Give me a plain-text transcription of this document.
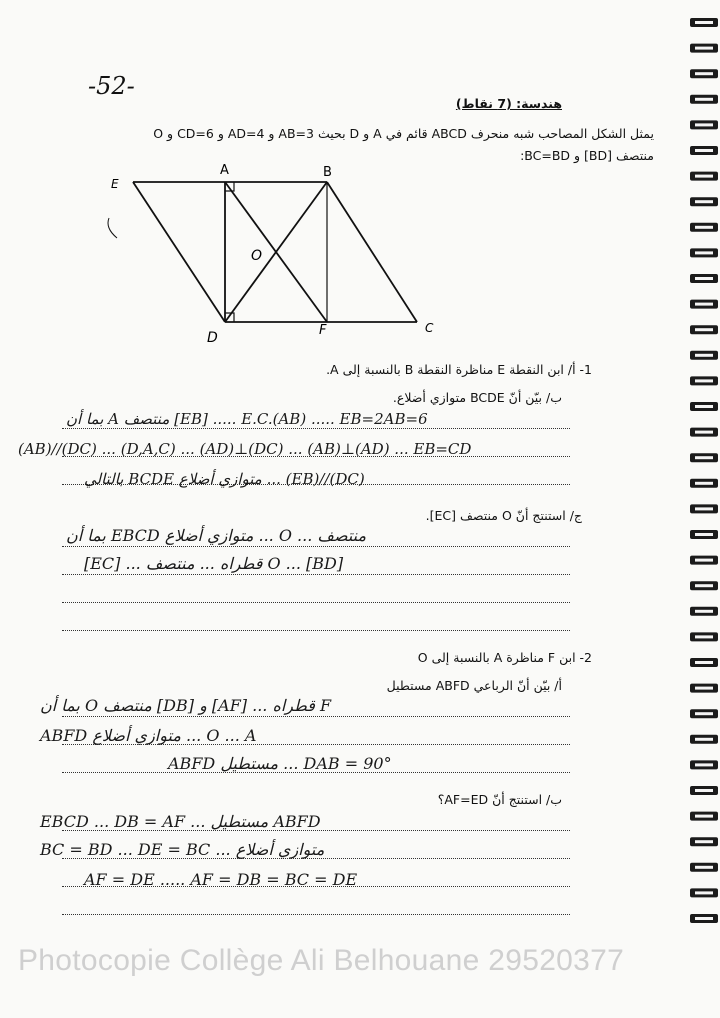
-52-
هندسة: (7 نقاط)
يمثل الشكل المصاحب شبه منحرف ABCD قائم في A و D بحيث AB=3 و AD=4 و CD=6 و O
منتصف [BD] و BC=BD:
A	B
E
D	F	C
O
1- أ/ ابن النقطة E مناظرة النقطة B بالنسبة إلى A.
ب/ بيّن أنّ BCDE متوازي أضلاع.
بما أن A منتصف [EB] ..... E.C.(AB) ..... EB=2AB=6
(AB)//(DC) ... (D,A,C) ... (AD)⊥(DC) ... (AB)⊥(AD) ... EB=CD
بالتالي BCDE متوازي أضلاع ... (EB)//(DC)
ج/ استنتج أنّ O منتصف [EC].
بما أن EBCD متوازي أضلاع ... O ... منتصف
[EC] ... قطراه ... منتصف O ... [BD]
2- ابن F مناظرة A بالنسبة إلى O
أ/ بيّن أنّ الرباعي ABFD مستطيل
بما أن O منتصف [DB] و [AF] ... قطراه F
ABFD متوازي أضلاع ... O ... A
ABFD مستطيل ... DAB = 90°
ب/ استنتج أنّ AF=ED؟
EBCD ... DB = AF ... مستطيل ABFD
BC = BD ... DE = BC ... متوازي أضلاع
AF = DE ..... AF = DB = BC = DE
Photocopie Collège Ali Belhouane 29520377
